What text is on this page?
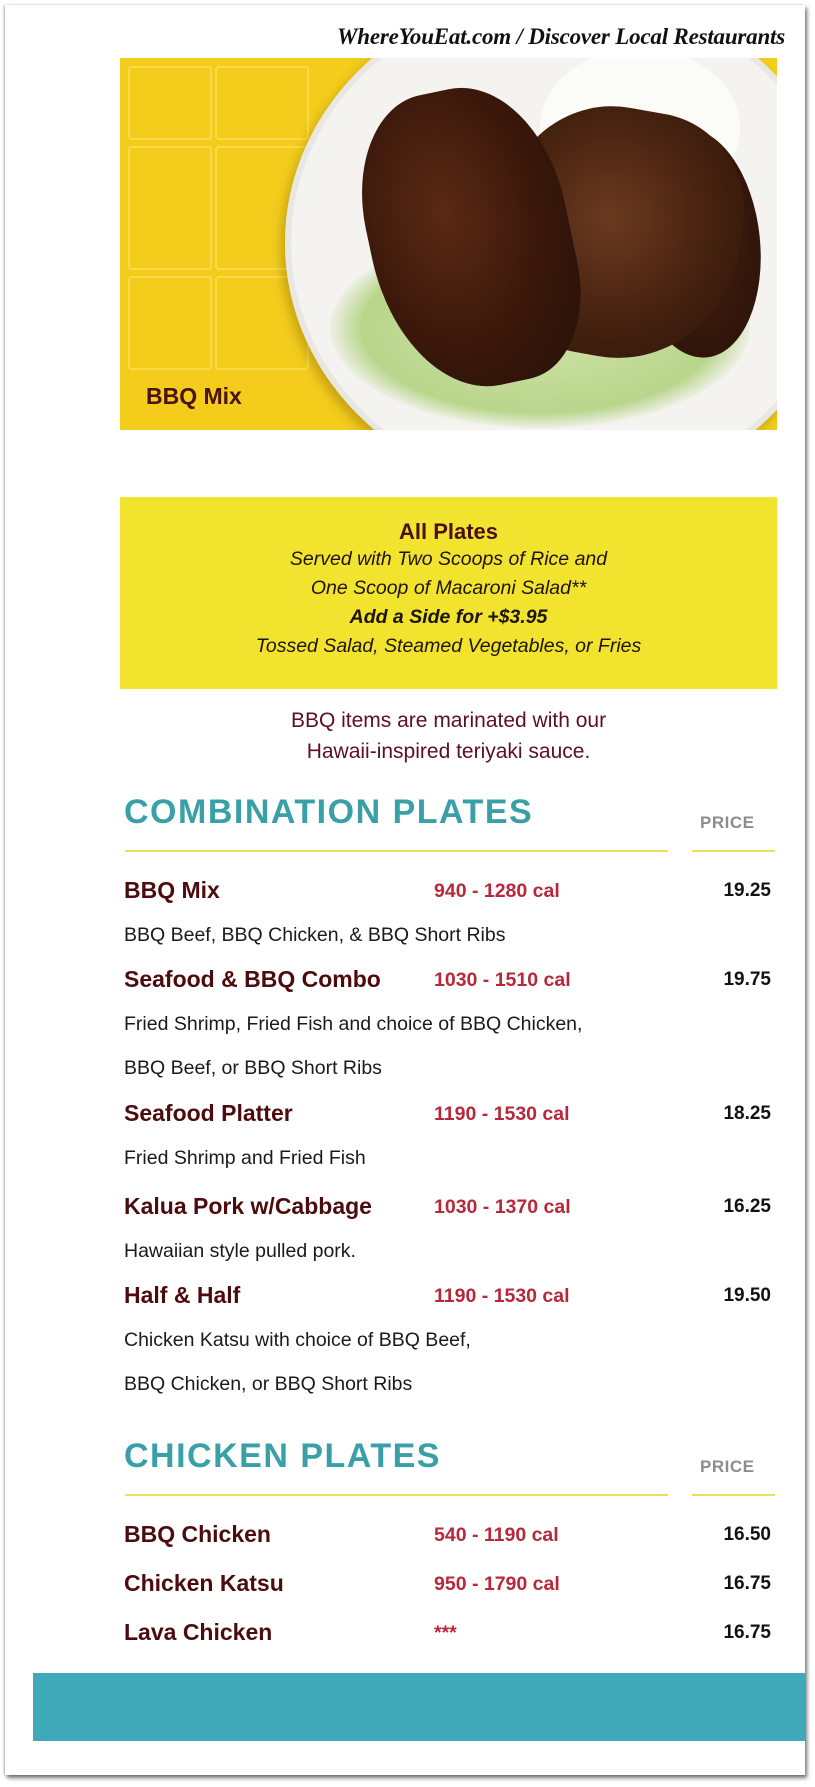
WhereYouEat.com / Discover Local Restaurants
BBQ Mix
All Plates
Served with Two Scoops of Rice and
One Scoop of Macaroni Salad**
Add a Side for +$3.95
Tossed Salad, Steamed Vegetables, or Fries
BBQ items are marinated with our
Hawaii-inspired teriyaki sauce.
COMBINATION PLATES	PRICE
BBQ Mix	940 - 1280 cal	19.25
BBQ Beef, BBQ Chicken, & BBQ Short Ribs
Seafood & BBQ Combo	1030 - 1510 cal	19.75
Fried Shrimp, Fried Fish and choice of BBQ Chicken,
BBQ Beef, or BBQ Short Ribs
Seafood Platter	1190 - 1530 cal	18.25
Fried Shrimp and Fried Fish
Kalua Pork w/Cabbage	1030 - 1370 cal	16.25
Hawaiian style pulled pork.
Half & Half	1190 - 1530 cal	19.50
Chicken Katsu with choice of BBQ Beef,
BBQ Chicken, or BBQ Short Ribs
CHICKEN PLATES	PRICE
BBQ Chicken	540 - 1190 cal	16.50
Chicken Katsu	950 - 1790 cal	16.75
Lava Chicken	***	16.75
